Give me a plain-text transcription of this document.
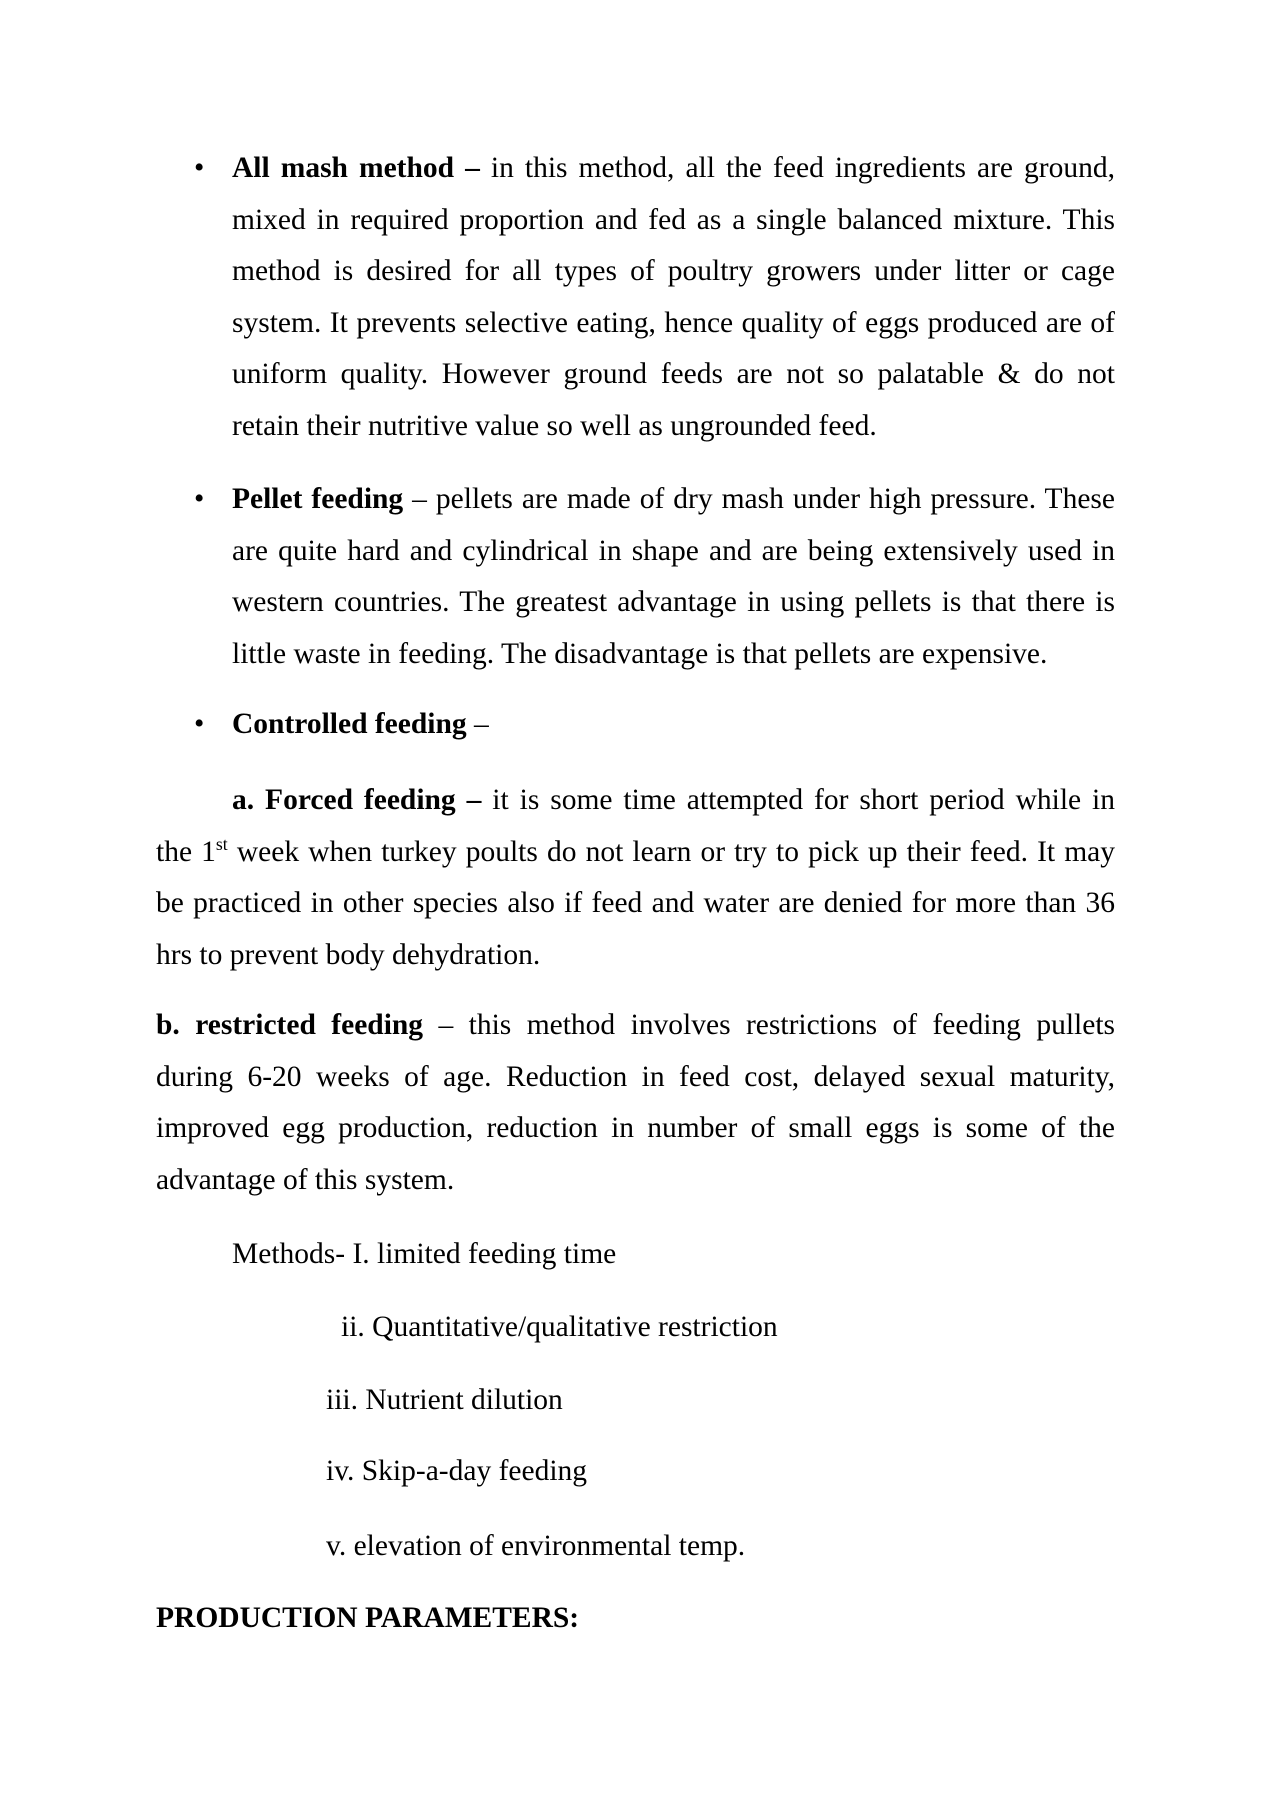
• All mash method – in this method, all the feed ingredients are ground,
mixed in required proportion and fed as a single balanced mixture. This
method is desired for all types of poultry growers under litter or cage
system. It prevents selective eating, hence quality of eggs produced are of
uniform quality. However ground feeds are not so palatable & do not
retain their nutritive value so well as ungrounded feed.
• Pellet feeding – pellets are made of dry mash under high pressure. These
are quite hard and cylindrical in shape and are being extensively used in
western countries. The greatest advantage in using pellets is that there is
little waste in feeding. The disadvantage is that pellets are expensive.
• Controlled feeding –
a. Forced feeding – it is some time attempted for short period while in
the 1st week when turkey poults do not learn or try to pick up their feed. It may
be practiced in other species also if feed and water are denied for more than 36
hrs to prevent body dehydration.
b. restricted feeding – this method involves restrictions of feeding pullets
during 6-20 weeks of age. Reduction in feed cost, delayed sexual maturity,
improved egg production, reduction in number of small eggs is some of the
advantage of this system.
Methods- I. limited feeding time
ii. Quantitative/qualitative restriction
iii. Nutrient dilution
iv. Skip-a-day feeding
v. elevation of environmental temp.
PRODUCTION PARAMETERS:
